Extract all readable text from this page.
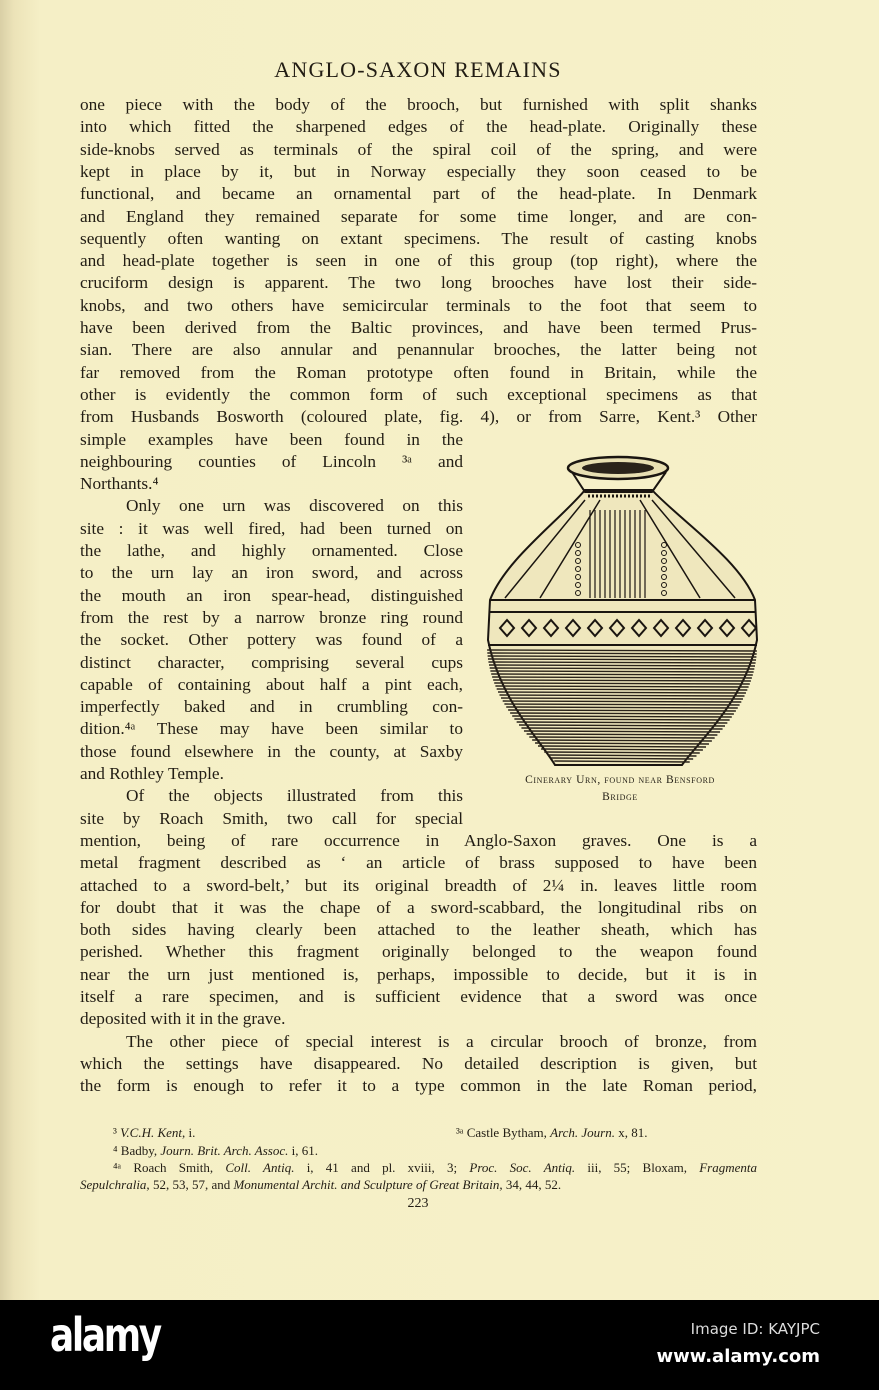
ANGLO-SAXON REMAINS
one piece with the body of the brooch, but furnished with split shanks
into which fitted the sharpened edges of the head-plate. Originally these
side-knobs served as terminals of the spiral coil of the spring, and were
kept in place by it, but in Norway especially they soon ceased to be
functional, and became an ornamental part of the head-plate. In Denmark
and England they remained separate for some time longer, and are con-
sequently often wanting on extant specimens. The result of casting knobs
and head-plate together is seen in one of this group (top right), where the
cruciform design is apparent. The two long brooches have lost their side-
knobs, and two others have semicircular terminals to the foot that seem to
have been derived from the Baltic provinces, and have been termed Prus-
sian. There are also annular and penannular brooches, the latter being not
far removed from the Roman prototype often found in Britain, while the
other is evidently the common form of such exceptional specimens as that
from Husbands Bosworth (coloured plate, fig. 4), or from Sarre, Kent.³ Other
simple examples have been found in the
neighbouring counties of Lincoln ³ᵃ and
Northants.⁴
Only one urn was discovered on this
site : it was well fired, had been turned on
the lathe, and highly ornamented. Close
to the urn lay an iron sword, and across
the mouth an iron spear-head, distinguished
from the rest by a narrow bronze ring round
the socket. Other pottery was found of a
distinct character, comprising several cups
capable of containing about half a pint each,
imperfectly baked and in crumbling con-
dition.⁴ᵃ These may have been similar to
those found elsewhere in the county, at Saxby
and Rothley Temple.
Of the objects illustrated from this
site by Roach Smith, two call for special
mention, being of rare occurrence in Anglo-Saxon graves. One is a
metal fragment described as ‘ an article of brass supposed to have been
attached to a sword-belt,’ but its original breadth of 2¼ in. leaves little room
for doubt that it was the chape of a sword-scabbard, the longitudinal ribs on
both sides having clearly been attached to the leather sheath, which has
perished. Whether this fragment originally belonged to the weapon found
near the urn just mentioned is, perhaps, impossible to decide, but it is in
itself a rare specimen, and is sufficient evidence that a sword was once
deposited with it in the grave.
The other piece of special interest is a circular brooch of bronze, from
which the settings have disappeared. No detailed description is given, but
the form is enough to refer it to a type common in the late Roman period,
Cinerary Urn, found near Bensford
Bridge
³ V.C.H. Kent, i.	³ᵃ Castle Bytham, Arch. Journ. x, 81.
⁴ Badby, Journ. Brit. Arch. Assoc. i, 61.
⁴ᵃ Roach Smith, Coll. Antiq. i, 41 and pl. xviii, 3; Proc. Soc. Antiq. iii, 55; Bloxam, Fragmenta
Sepulchralia, 52, 53, 57, and Monumental Archit. and Sculpture of Great Britain, 34, 44, 52.
223
alamy	Image ID: KAYJPC
www.alamy.com
